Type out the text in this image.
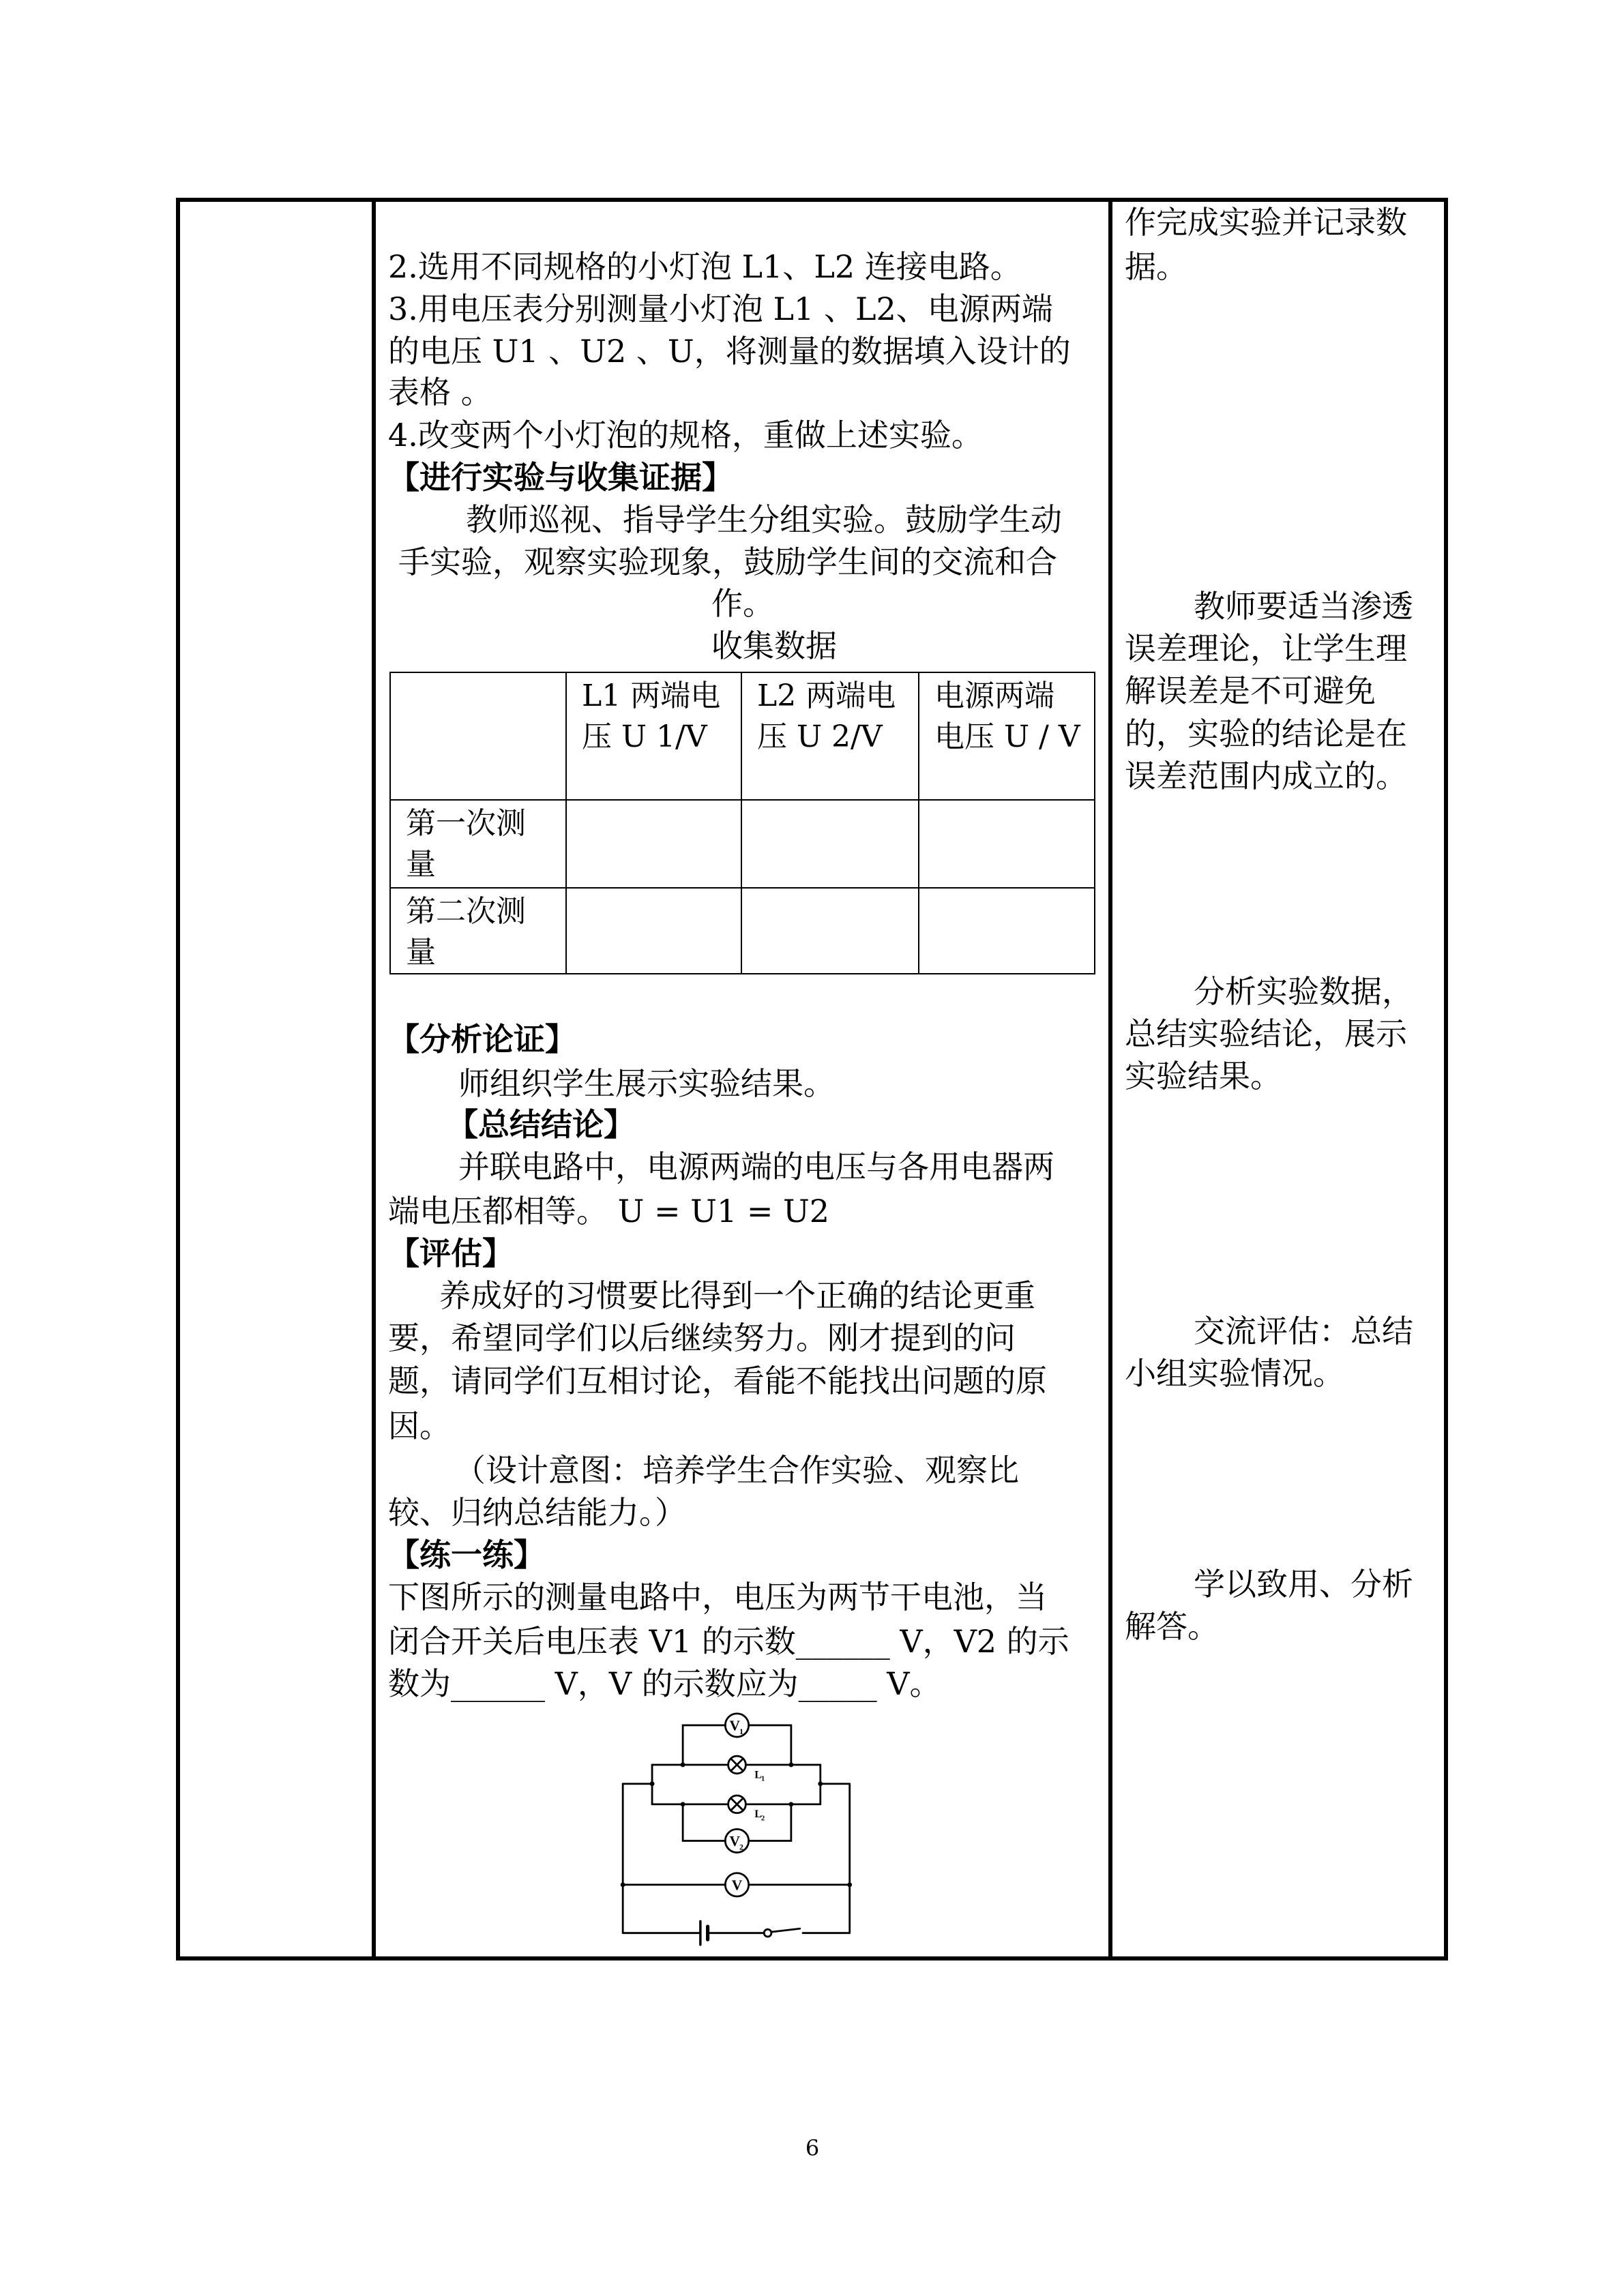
2.选用不同规格的小灯泡 L1、L2 连接电路。
3.用电压表分别测量小灯泡 L1 、L2、电源两端
的电压 U1 、U2 、U，将测量的数据填入设计的
表格 。
4.改变两个小灯泡的规格，重做上述实验。
【进行实验与收集证据】
教师巡视、指导学生分组实验。鼓励学生动
手实验，观察实验现象，鼓励学生间的交流和合
作。
收集数据
	L1 两端电压 U 1/V	L2 两端电压 U 2/V	电源两端电压 U / V
第一次测量			
第二次测量			
【分析论证】
师组织学生展示实验结果。
【总结结论】
并联电路中，电源两端的电压与各用电器两
端电压都相等。 U = U1 = U2
【评估】
养成好的习惯要比得到一个正确的结论更重
要，希望同学们以后继续努力。刚才提到的问
题，请同学们互相讨论，看能不能找出问题的原
因。
（设计意图：培养学生合作实验、观察比
较、归纳总结能力。）
【练一练】
下图所示的测量电路中，电压为两节干电池，当
闭合开关后电压表 V1 的示数______ V，V2 的示
数为______ V，V 的示数应为_____ V。
V
1
V
2
V
L
1
L
2
作完成实验并记录数
据。
教师要适当渗透
误差理论，让学生理
解误差是不可避免
的，实验的结论是在
误差范围内成立的。
分析实验数据，
总结实验结论，展示
实验结果。
交流评估：总结
小组实验情况。
学以致用、分析
解答。
6
